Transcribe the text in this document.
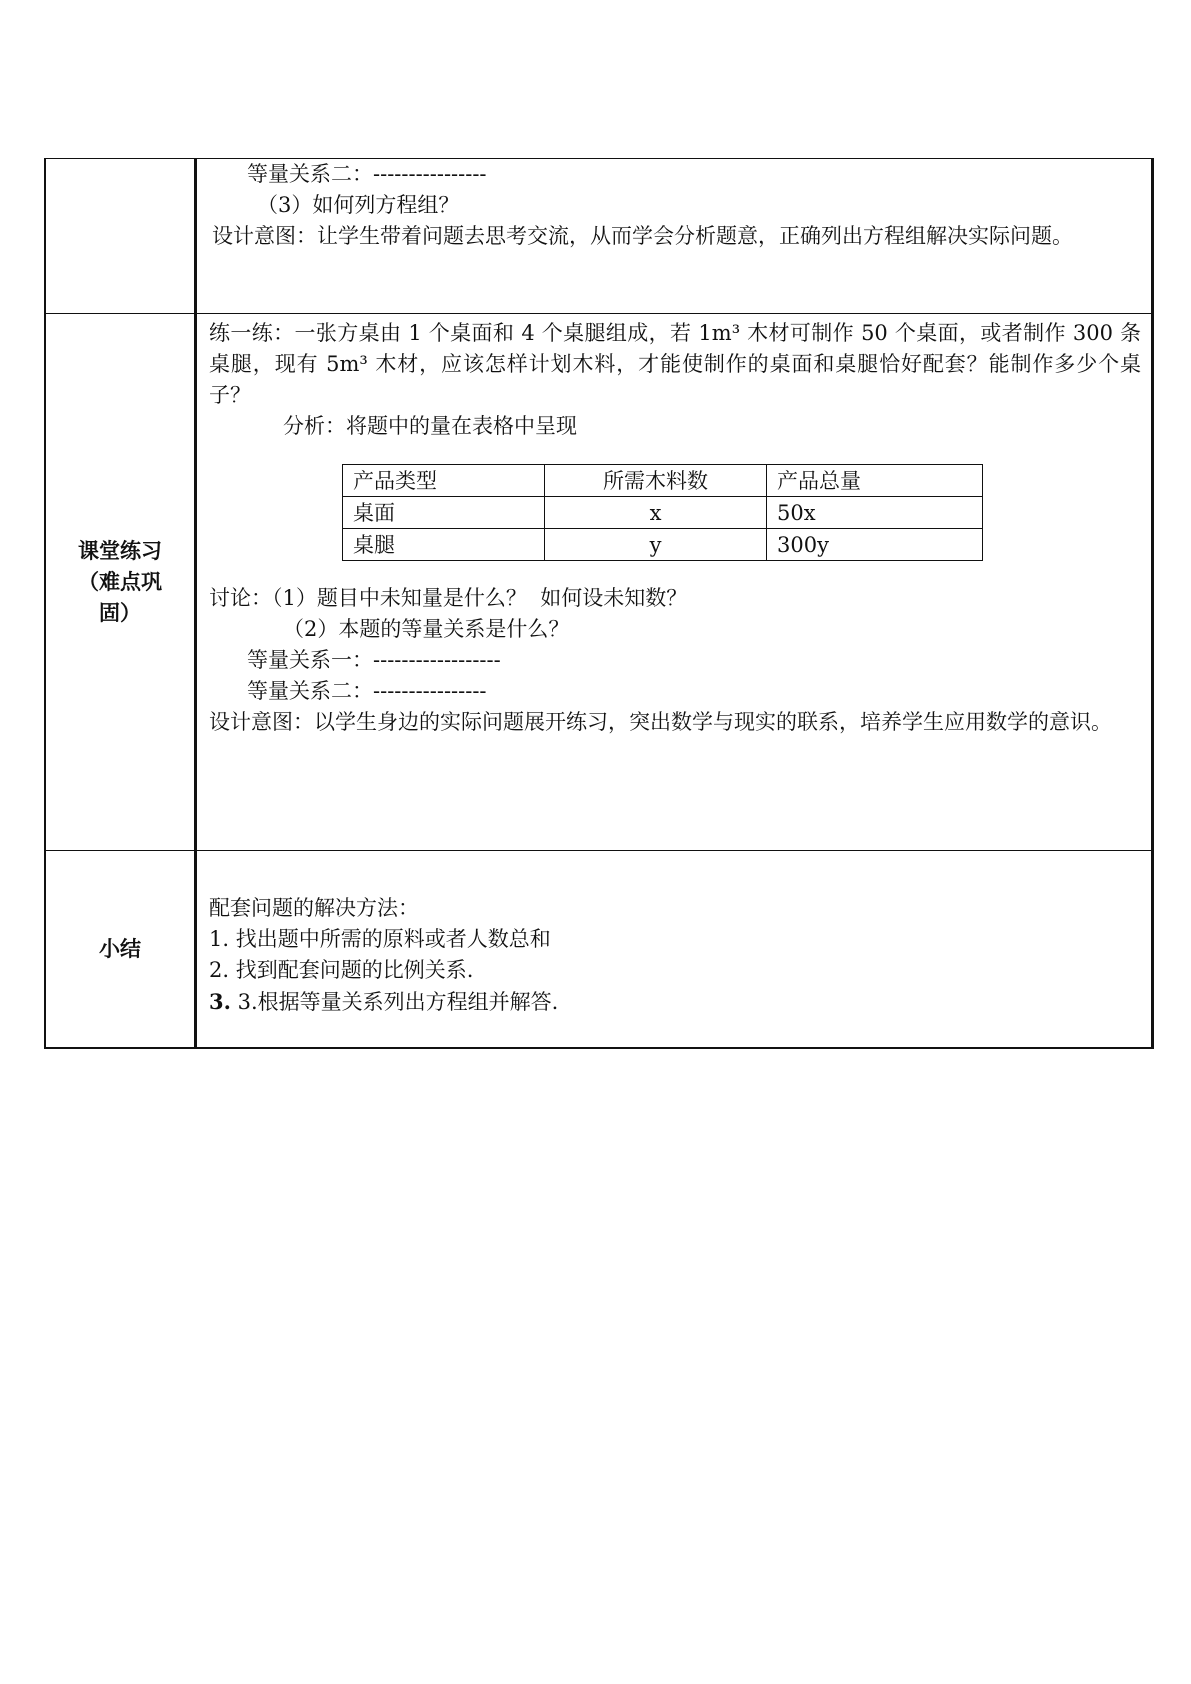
等量关系二：----------------
（3）如何列方程组？
设计意图：让学生带着问题去思考交流，从而学会分析题意，正确列出方程组解决实际问题。

课堂练习
（难点巩
固）

练一练：一张方桌由 1 个桌面和 4 个桌腿组成，若 1m³ 木材可制作 50 个桌面，或者制作 300 条桌腿，现有 5m³ 木材，应该怎样计划木料，才能使制作的桌面和桌腿恰好配套？能制作多少个桌子？
分析：将题中的量在表格中呈现
产品类型	所需木料数	产品总量
桌面	x	50x
桌腿	y	300y
讨论：（1）题目中未知量是什么？  如何设未知数？
（2）本题的等量关系是什么？
等量关系一：------------------
等量关系二：----------------
设计意图：以学生身边的实际问题展开练习，突出数学与现实的联系，培养学生应用数学的意识。

小结	
配套问题的解决方法：
1. 找出题中所需的原料或者人数总和
2. 找到配套问题的比例关系.
3. 3.根据等量关系列出方程组并解答.
